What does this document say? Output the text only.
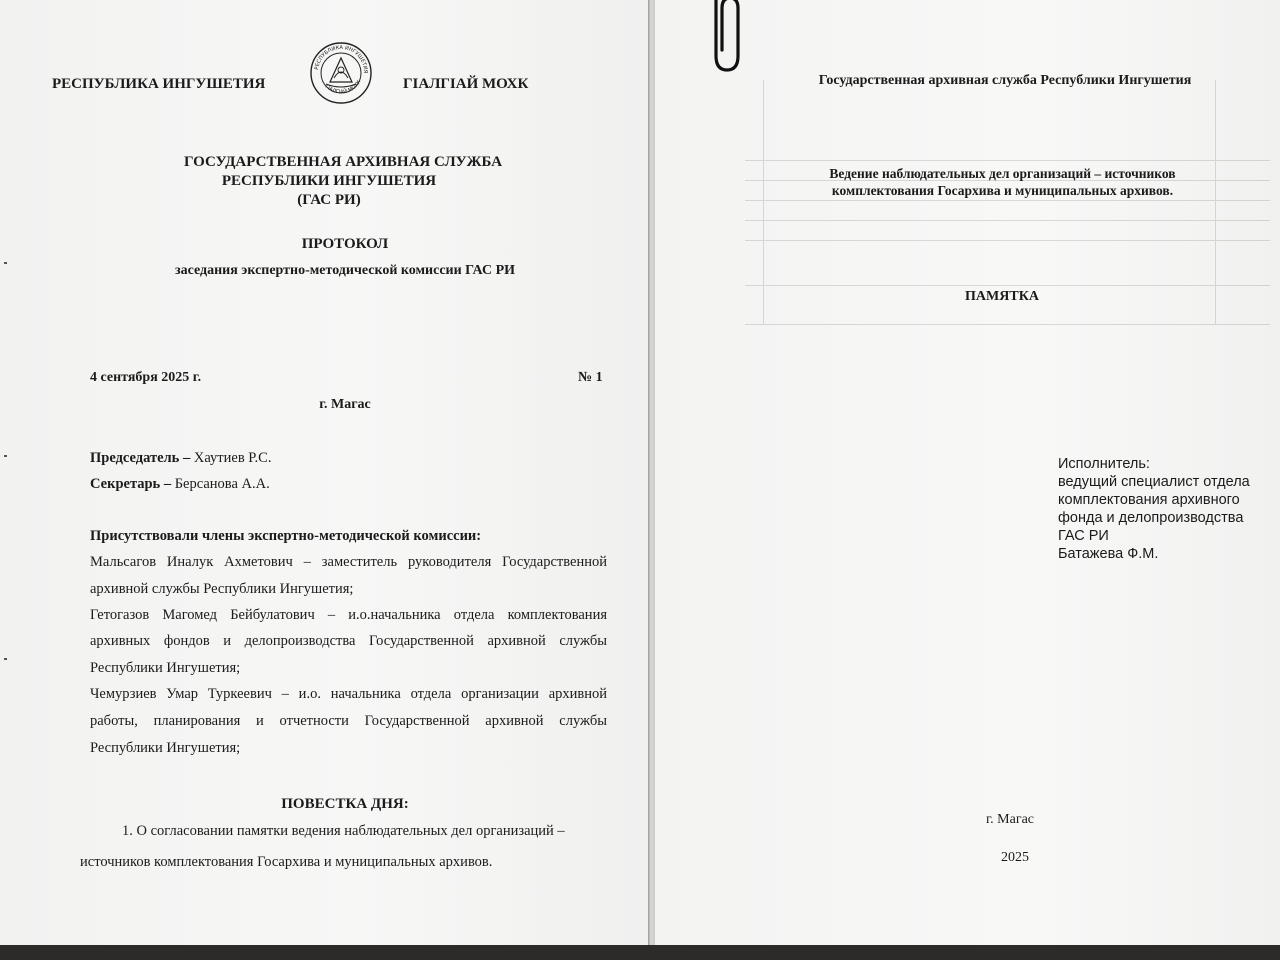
РЕСПУБЛИКА ИНГУШЕТИЯ	ГІАЛГІАЙ МОХК
РЕСПУБЛИКА ИНГУШЕТИЯ
ГІАЛГІАЙ МОХК
ГОСУДАРСТВЕННАЯ АРХИВНАЯ СЛУЖБА
РЕСПУБЛИКИ ИНГУШЕТИЯ
(ГАС РИ)
ПРОТОКОЛ
заседания экспертно-методической комиссии ГАС РИ
4 сентября 2025 г.	№ 1
г. Магас
Председатель – Хаутиев Р.С.
Секретарь – Берсанова А.А.
Присутствовали члены экспертно-методической комиссии:
Мальсагов Иналук Ахметович – заместитель руководителя Государственной
архивной службы Республики Ингушетия;
Гетогазов Магомед Бейбулатович – и.о.начальника отдела комплектования
архивных фондов и делопроизводства Государственной архивной службы
Республики Ингушетия;
Чемурзиев Умар Туркеевич – и.о. начальника отдела организации архивной
работы, планирования и отчетности Государственной архивной службы
Республики Ингушетия;
ПОВЕСТКА ДНЯ:
1. О согласовании памятки ведения наблюдательных дел организаций –
источников комплектования Госархива и муниципальных архивов.
Государственная архивная служба Республики Ингушетия
Ведение наблюдательных дел организаций – источников
комплектования Госархива и муниципальных архивов.
ПАМЯТКА
Исполнитель:
ведущий специалист отдела
комплектования архивного
фонда и делопроизводства
ГАС РИ
Батажева Ф.М.
г. Магас
2025
